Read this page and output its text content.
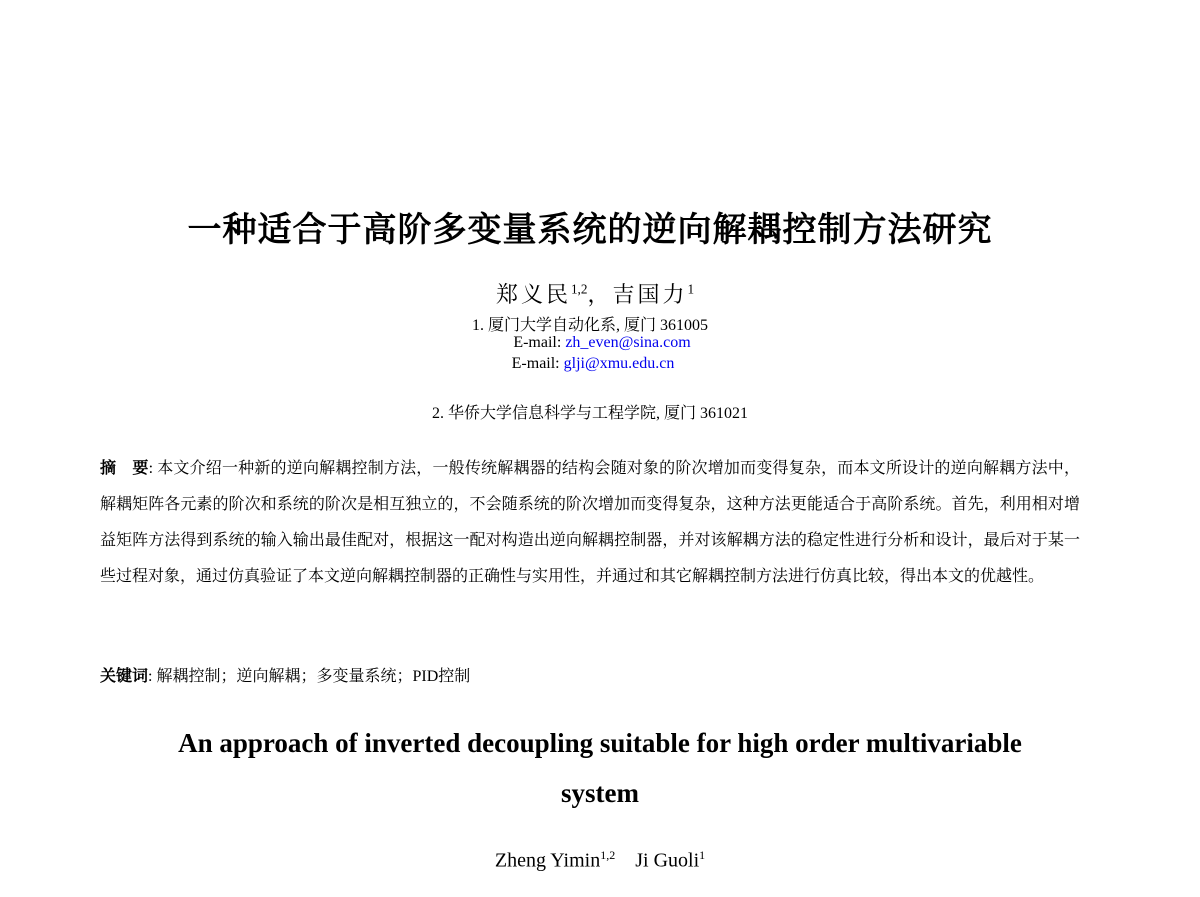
一种适合于高阶多变量系统的逆向解耦控制方法研究
郑义民$^{1,2}$，吉国力$^1$
1. 厦门大学自动化系, 厦门 361005
E-mail: zh_even@sina.com
E-mail: glji@xmu.edu.cn
2. 华侨大学信息科学与工程学院, 厦门 361021
摘　要: 本文介绍一种新的逆向解耦控制方法，一般传统解耦器的结构会随对象的阶次增加而变得复杂，而本文所设计的逆向解耦方法中，解耦矩阵各元素的阶次和系统的阶次是相互独立的，不会随系统的阶次增加而变得复杂，这种方法更能适合于高阶系统。首先，利用相对增益矩阵方法得到系统的输入输出最佳配对，根据这一配对构造出逆向解耦控制器，并对该解耦方法的稳定性进行分析和设计，最后对于某一些过程对象，通过仿真验证了本文逆向解耦控制器的正确性与实用性，并通过和其它解耦控制方法进行仿真比较，得出本文的优越性。
关键词: 解耦控制；逆向解耦；多变量系统；PID控制
An approach of inverted decoupling suitable for high order multivariable system
Zheng Yimin$^{1,2}$ Ji Guoli$^1$
